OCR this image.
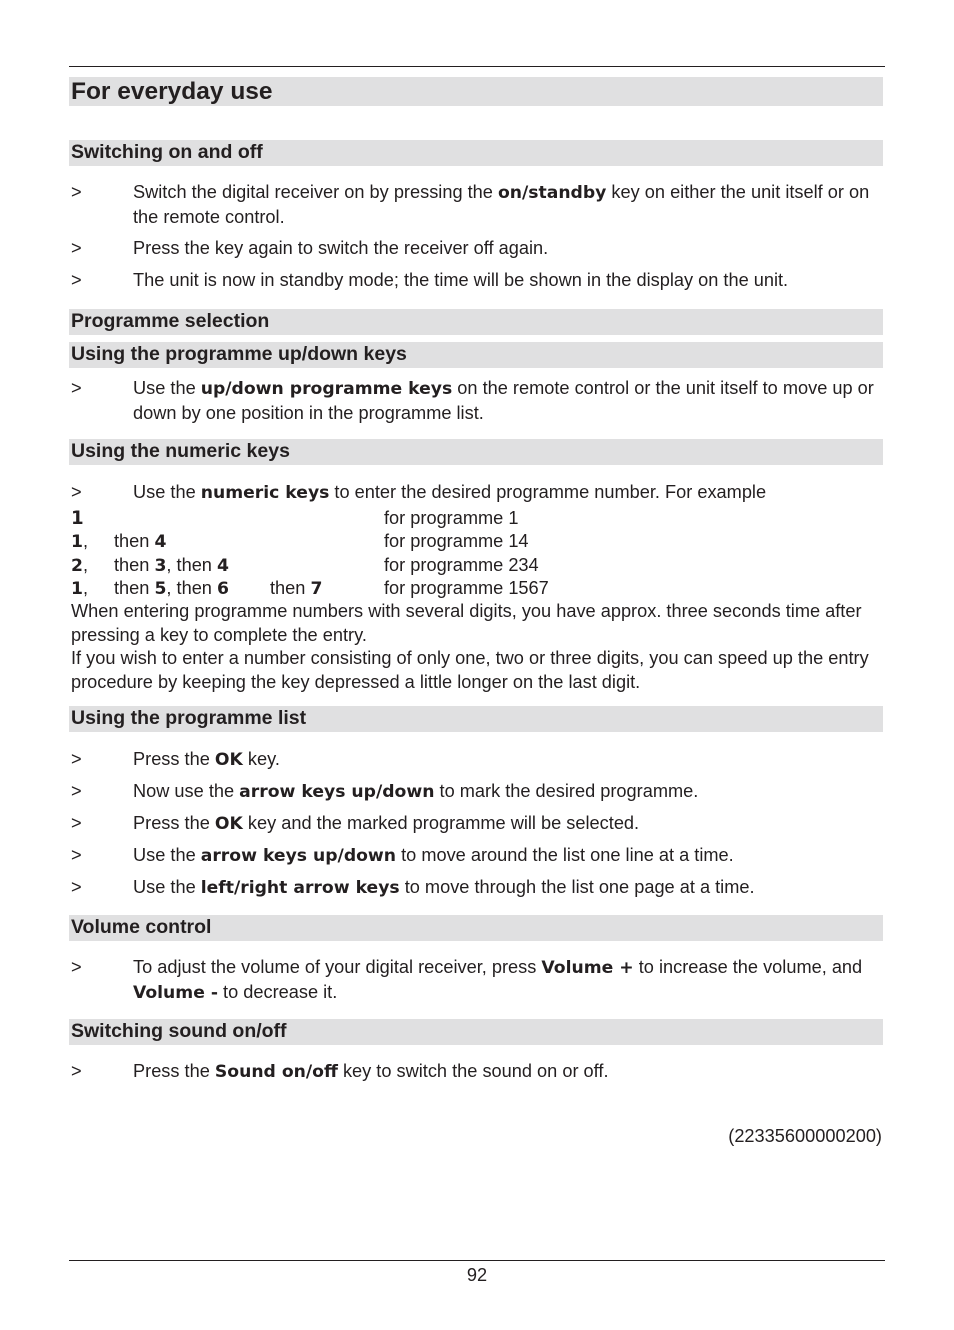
For everyday use
Switching on and off
>	Switch the digital receiver on by pressing the on/standby key on either the unit itself or on the remote control.
>	Press the key again to switch the receiver off again.
>	The unit is now in standby mode; the time will be shown in the display on the unit.
Programme selection
Using the programme up/down keys
>	Use the up/down programme keys on the remote control or the unit itself to move up or down by one position in the programme list.
Using the numeric keys
>	Use the numeric keys to enter the desired programme number. For example
1	for programme 1
1, then 4	for programme 14
2, then 3, then 4	for programme 234
1, then 5, then 6 then 7	for programme 1567
When entering programme numbers with several digits, you have approx. three seconds time after pressing a key to complete the entry.
If you wish to enter a number consisting of only one, two or three digits, you can speed up the entry procedure by keeping the key depressed a little longer on the last digit.
Using the programme list
>	Press the OK key.
>	Now use the arrow keys up/down to mark the desired programme.
>	Press the OK key and the marked programme will be selected.
>	Use the arrow keys up/down to move around the list one line at a time.
>	Use the left/right arrow keys to move through the list one page at a time.
Volume control
>	To adjust the volume of your digital receiver, press Volume + to increase the volume, and Volume - to decrease it.
Switching sound on/off
>	Press the Sound on/off key to switch the sound on or off.
(22335600000200)
92
